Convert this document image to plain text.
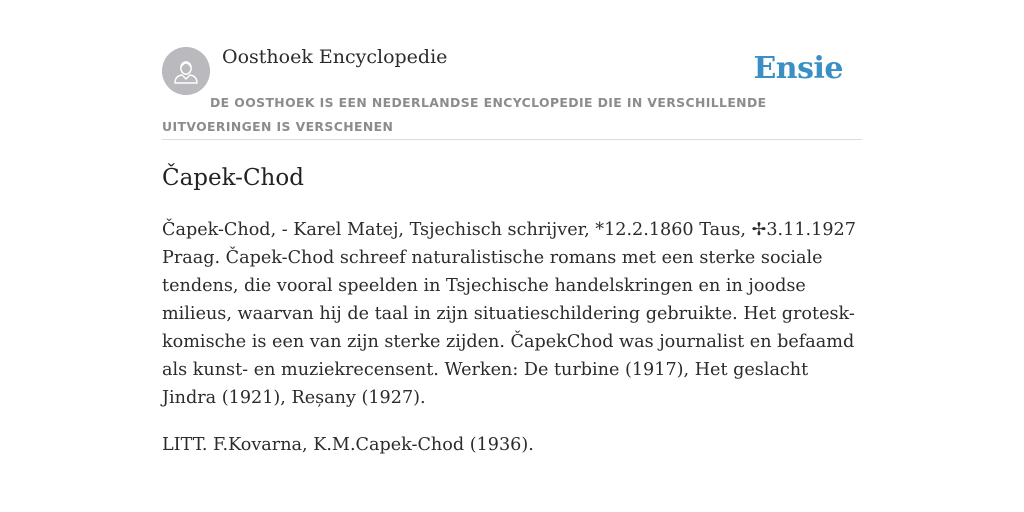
Oosthoek Encyclopedie	Ensie
DE OOSTHOEK IS EEN NEDERLANDSE ENCYCLOPEDIE DIE IN VERSCHILLENDE UITVOERINGEN IS VERSCHENEN
Čapek-Chod

Čapek-Chod, - Karel Matej, Tsjechisch schrijver, *12.2.1860 Taus, ✢3.11.1927 Praag. Čapek-Chod schreef naturalistische romans met een sterke sociale tendens, die vooral speelden in Tsjechische handelskringen en in joodse milieus, waarvan hij de taal in zijn situatieschildering gebruikte. Het grotesk-komische is een van zijn sterke zijden. ČapekChod was journalist en befaamd als kunst- en muziekrecensent. Werken: De turbine (1917), Het geslacht Jindra (1921), Reșany (1927).

LITT. F.Kovarna, K.M.Capek-Chod (1936).
